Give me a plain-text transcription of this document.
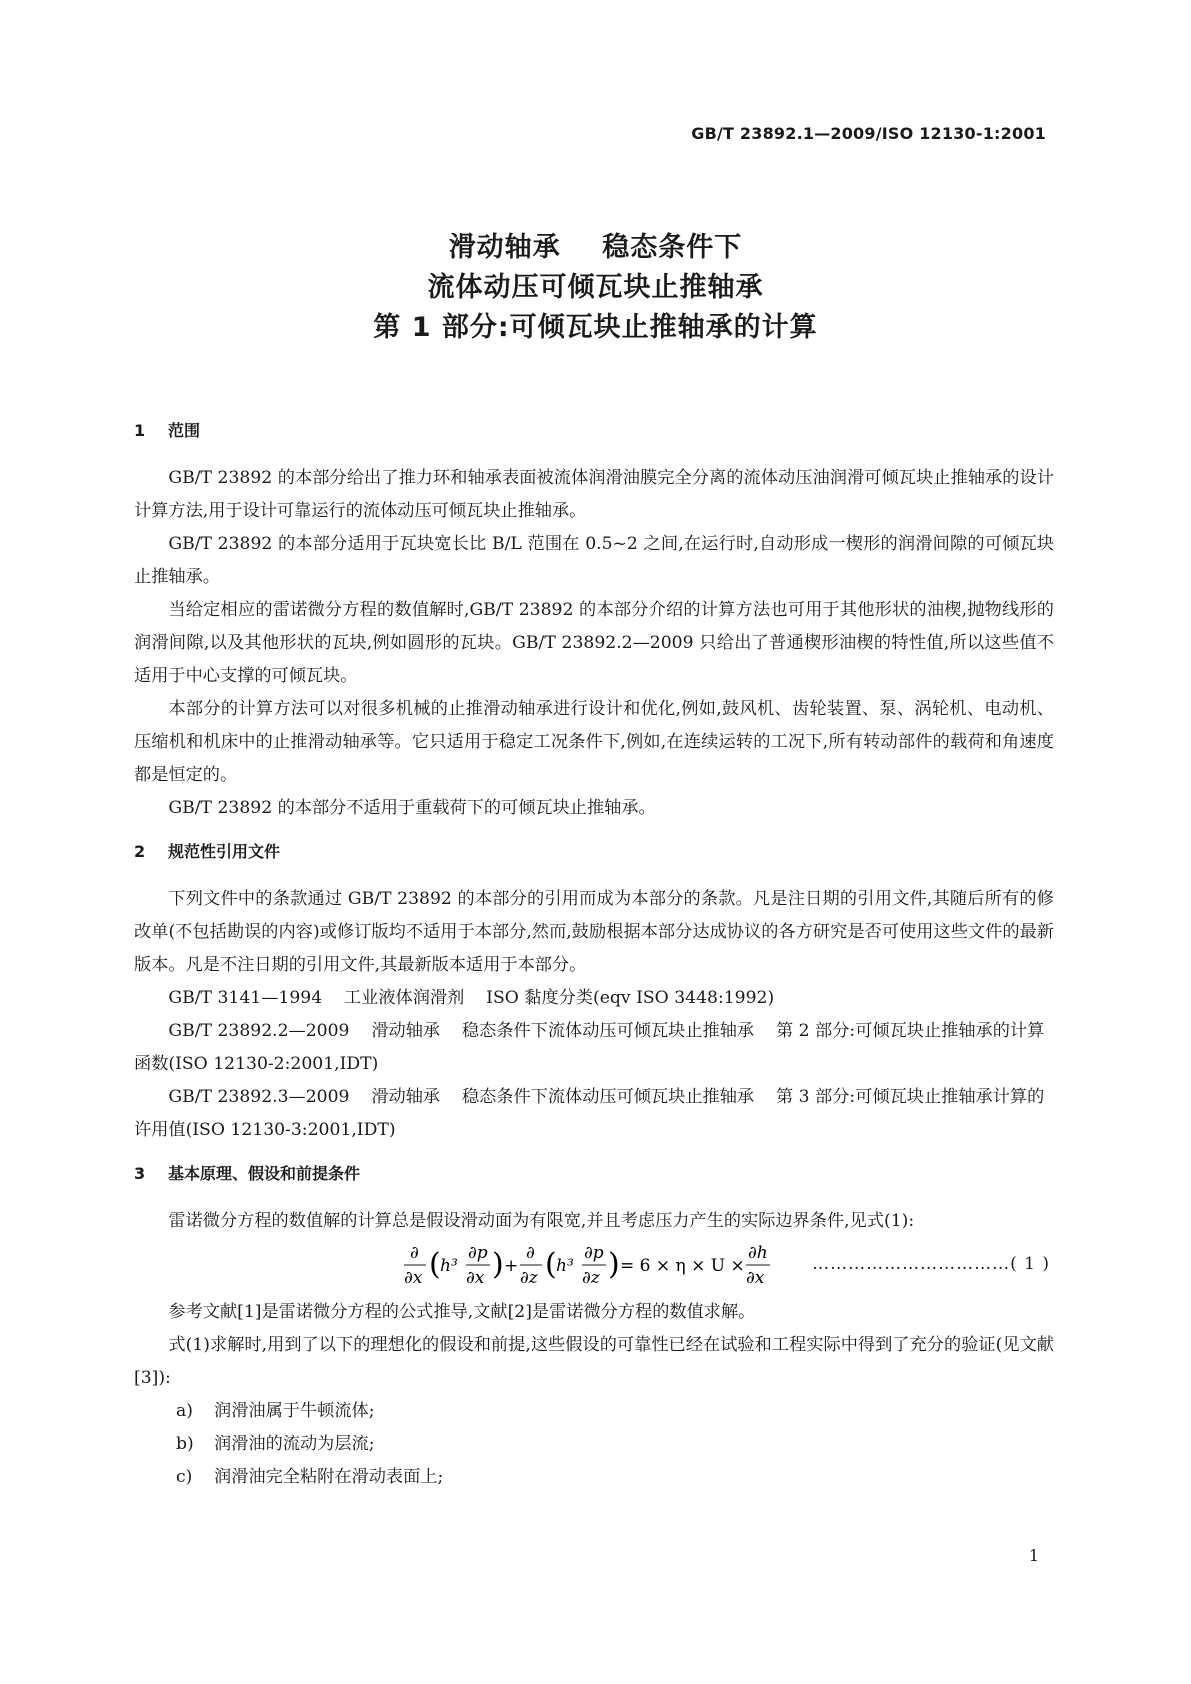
GB/T 23892.1—2009/ISO 12130-1:2001
滑动轴承    稳态条件下
流体动压可倾瓦块止推轴承
第 1 部分:可倾瓦块止推轴承的计算
1 范围

GB/T 23892 的本部分给出了推力环和轴承表面被流体润滑油膜完全分离的流体动压油润滑可倾瓦块止推轴承的设计计算方法,用于设计可靠运行的流体动压可倾瓦块止推轴承。

GB/T 23892 的本部分适用于瓦块宽长比 B/L 范围在 0.5~2 之间,在运行时,自动形成一楔形的润滑间隙的可倾瓦块止推轴承。

当给定相应的雷诺微分方程的数值解时,GB/T 23892 的本部分介绍的计算方法也可用于其他形状的油楔,抛物线形的润滑间隙,以及其他形状的瓦块,例如圆形的瓦块。GB/T 23892.2—2009 只给出了普通楔形油楔的特性值,所以这些值不适用于中心支撑的可倾瓦块。

本部分的计算方法可以对很多机械的止推滑动轴承进行设计和优化,例如,鼓风机、齿轮装置、泵、涡轮机、电动机、压缩机和机床中的止推滑动轴承等。它只适用于稳定工况条件下,例如,在连续运转的工况下,所有转动部件的载荷和角速度都是恒定的。

GB/T 23892 的本部分不适用于重载荷下的可倾瓦块止推轴承。

2 规范性引用文件

下列文件中的条款通过 GB/T 23892 的本部分的引用而成为本部分的条款。凡是注日期的引用文件,其随后所有的修改单(不包括勘误的内容)或修订版均不适用于本部分,然而,鼓励根据本部分达成协议的各方研究是否可使用这些文件的最新版本。凡是不注日期的引用文件,其最新版本适用于本部分。

GB/T 3141—1994    工业液体润滑剂    ISO 黏度分类(eqv ISO 3448:1992)

GB/T 23892.2—2009    滑动轴承    稳态条件下流体动压可倾瓦块止推轴承    第 2 部分:可倾瓦块止推轴承的计算函数(ISO 12130-2:2001,IDT)

GB/T 23892.3—2009    滑动轴承    稳态条件下流体动压可倾瓦块止推轴承    第 3 部分:可倾瓦块止推轴承计算的许用值(ISO 12130-3:2001,IDT)

3 基本原理、假设和前提条件

雷诺微分方程的数值解的计算总是假设滑动面为有限宽,并且考虑压力产生的实际边界条件,见式(1):

∂
∂x ( h³
∂p
∂x ) +
∂
∂z ( h³
∂p
∂z ) = 6 × η × U ×
∂h
∂x
……………………………( 1 )

参考文献[1]是雷诺微分方程的公式推导,文献[2]是雷诺微分方程的数值求解。

式(1)求解时,用到了以下的理想化的假设和前提,这些假设的可靠性已经在试验和工程实际中得到了充分的验证(见文献[3]):

a) 润滑油属于牛顿流体;

b) 润滑油的流动为层流;

c) 润滑油完全粘附在滑动表面上;

1
